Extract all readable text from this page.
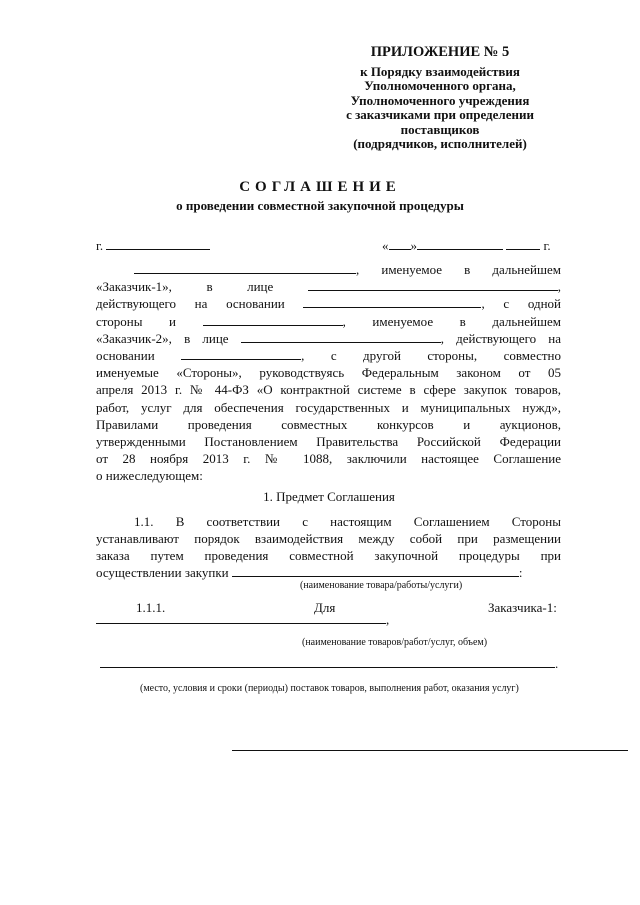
ПРИЛОЖЕНИЕ № 5
к Порядку взаимодействия
Уполномоченного органа,
Уполномоченного учреждения
с заказчиками при определении
поставщиков
(подрядчиков, исполнителей)
СОГЛАШЕНИЕ
о проведении совместной закупочной процедуры
г.	« »	г.
, именуемое в дальнейшем
«Заказчик-1»,	в	лице	,
действующего на основании	, с одной
стороны и	, именуемое в дальнейшем
«Заказчик-2», в лице	, действующего на
основании	, с другой стороны, совместно
именуемые «Стороны», руководствуясь Федеральным законом от 05
апреля 2013 г. № 44-ФЗ «О контрактной системе в сфере закупок товаров,
работ, услуг для обеспечения государственных и муниципальных нужд»,
Правилами проведения совместных конкурсов и аукционов,
утвержденными Постановлением Правительства Российской Федерации
от 28 ноября 2013 г. № 1088, заключили настоящее Соглашение
о нижеследующем:
1. Предмет Соглашения
1.1. В соответствии с настоящим Соглашением Стороны
устанавливают порядок взаимодействия между собой при размещении
заказа путем проведения совместной закупочной процедуры при
осуществлении закупки	:
(наименование товара/работы/услуги)
1.1.1.	Для	Заказчика-1:
,
(наименование товаров/работ/услуг, объем)
.
(место, условия и сроки (периоды) поставок товаров, выполнения работ, оказания услуг)
